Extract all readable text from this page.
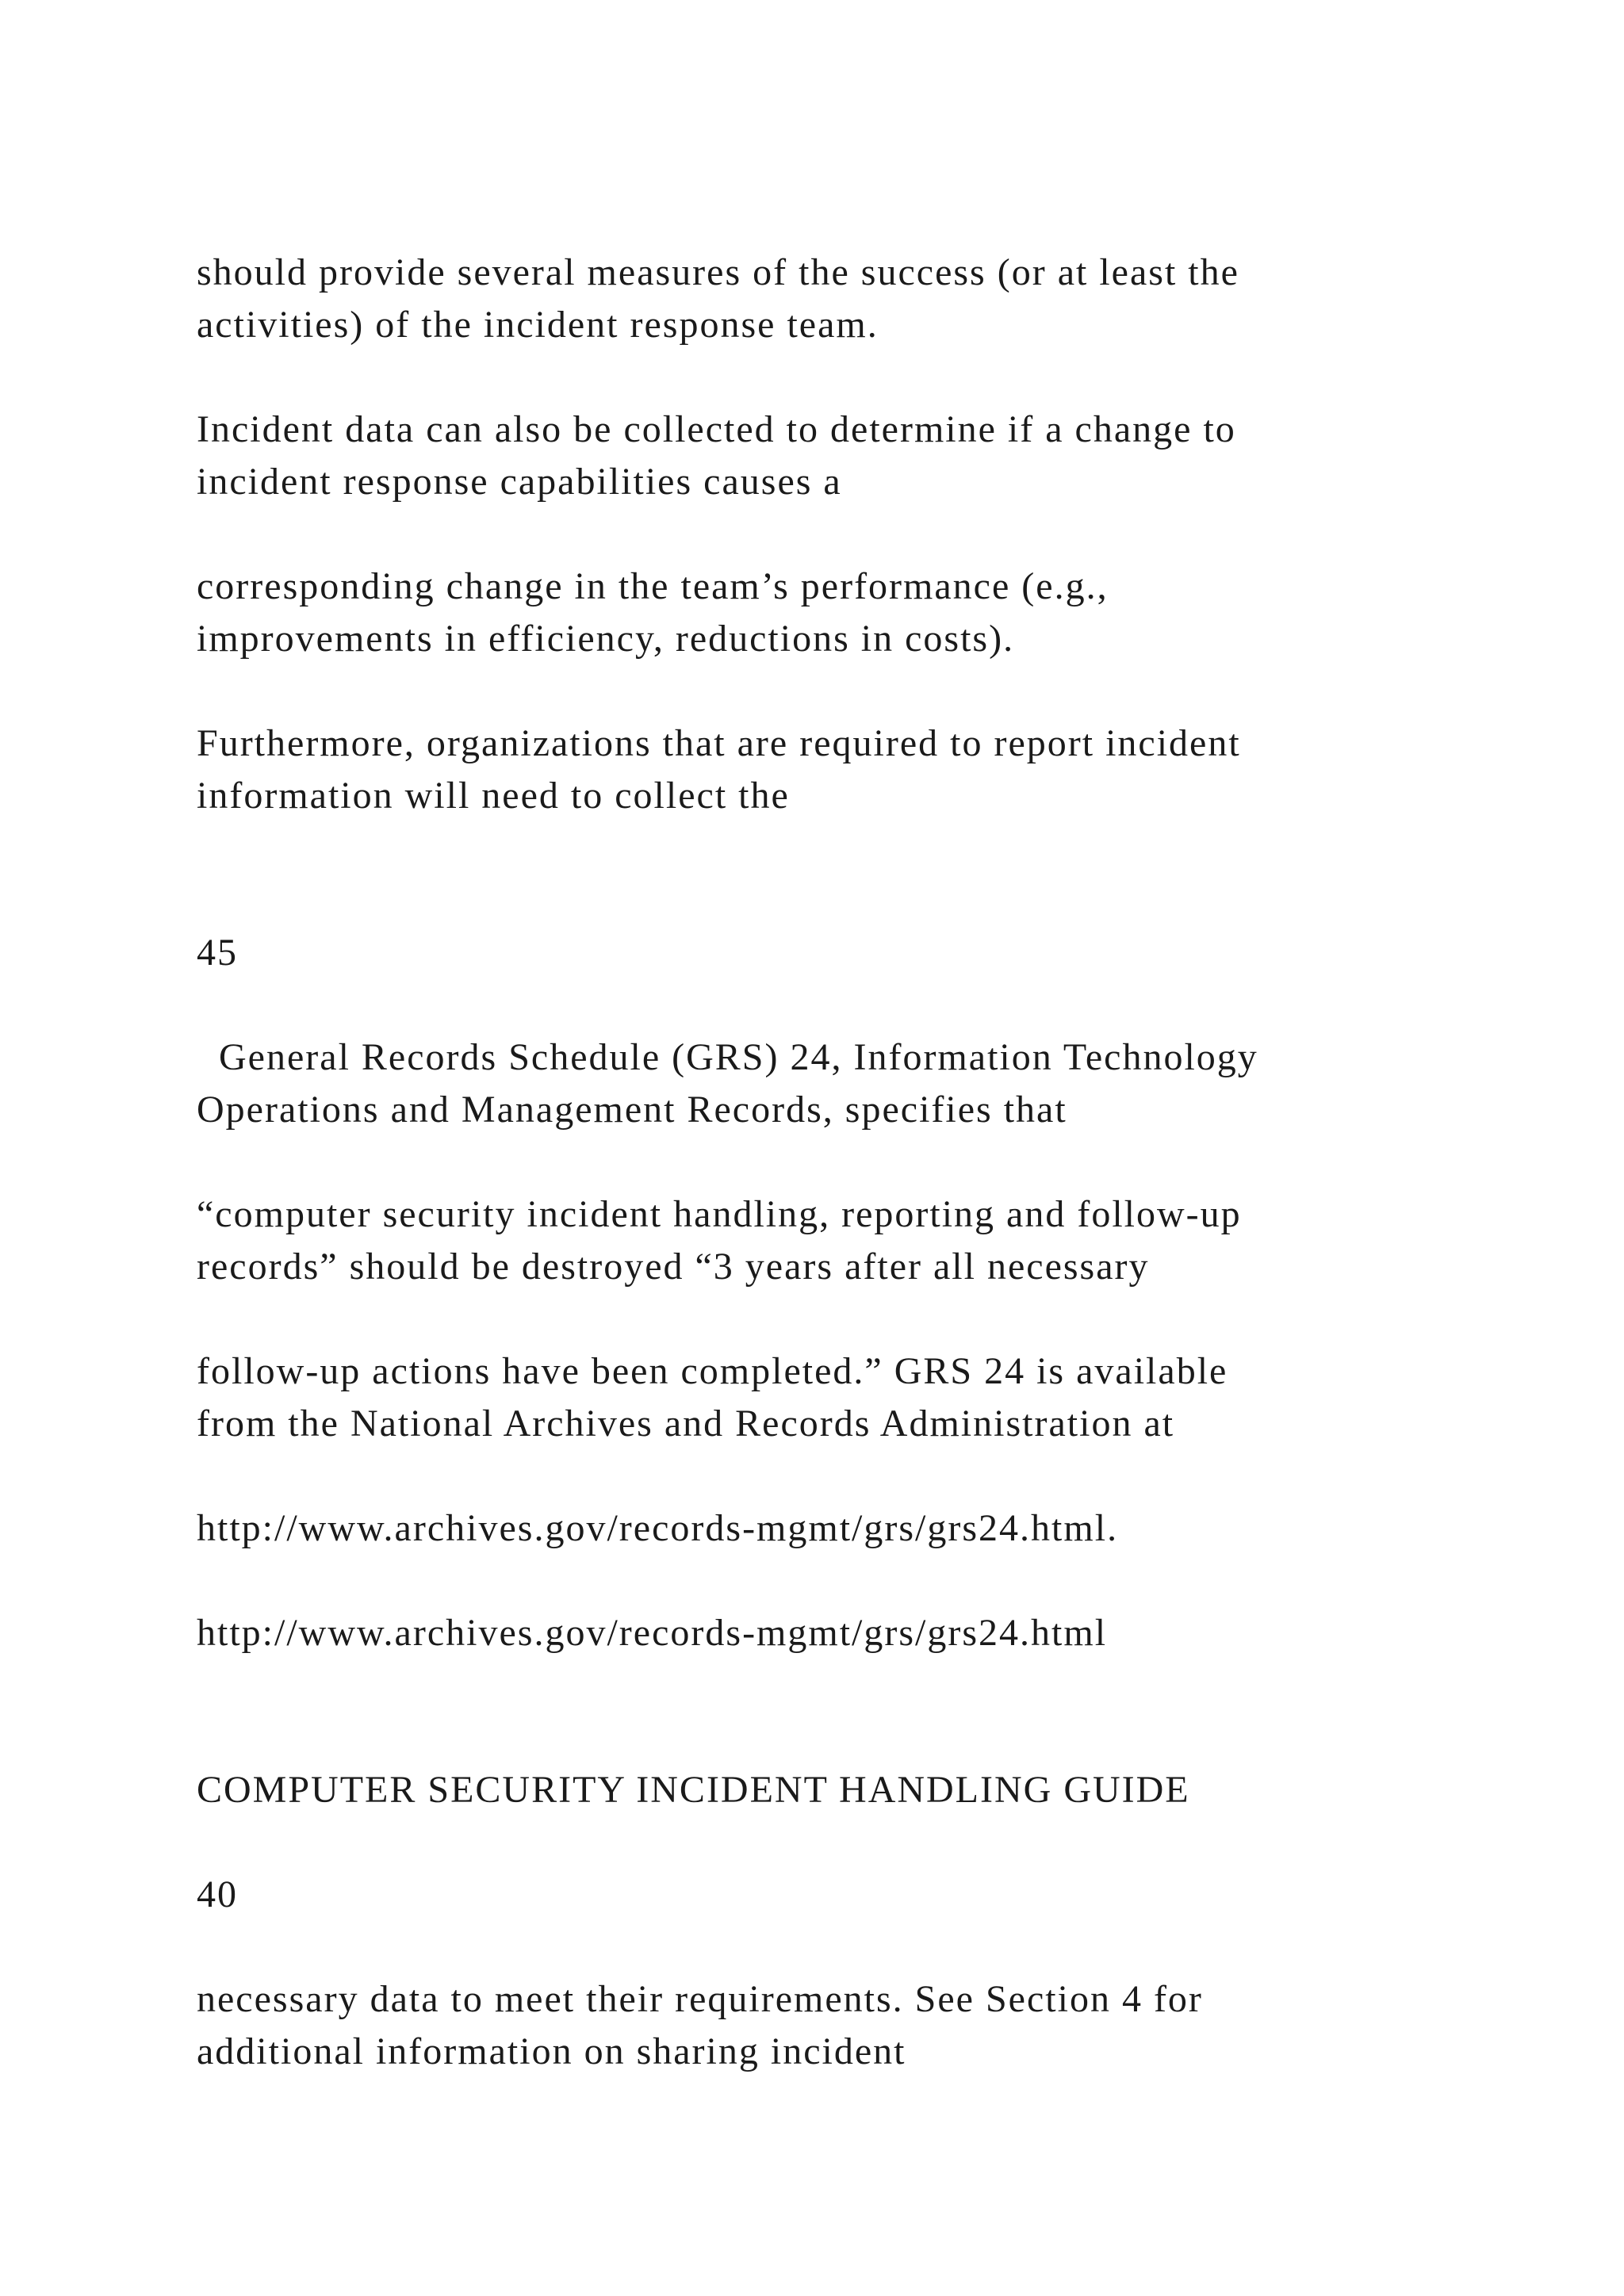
should provide several measures of the success (or at least the
activities) of the incident response team.
Incident data can also be collected to determine if a change to
incident response capabilities causes a
corresponding change in the team’s performance (e.g.,
improvements in efficiency, reductions in costs).
Furthermore, organizations that are required to report incident
information will need to collect the
45
General Records Schedule (GRS) 24, Information Technology
Operations and Management Records, specifies that
“computer security incident handling, reporting and follow-up
records” should be destroyed “3 years after all necessary
follow-up actions have been completed.” GRS 24 is available
from the National Archives and Records Administration at
http://www.archives.gov/records-mgmt/grs/grs24.html.
http://www.archives.gov/records-mgmt/grs/grs24.html
COMPUTER SECURITY INCIDENT HANDLING GUIDE
40
necessary data to meet their requirements. See Section 4 for
additional information on sharing incident
